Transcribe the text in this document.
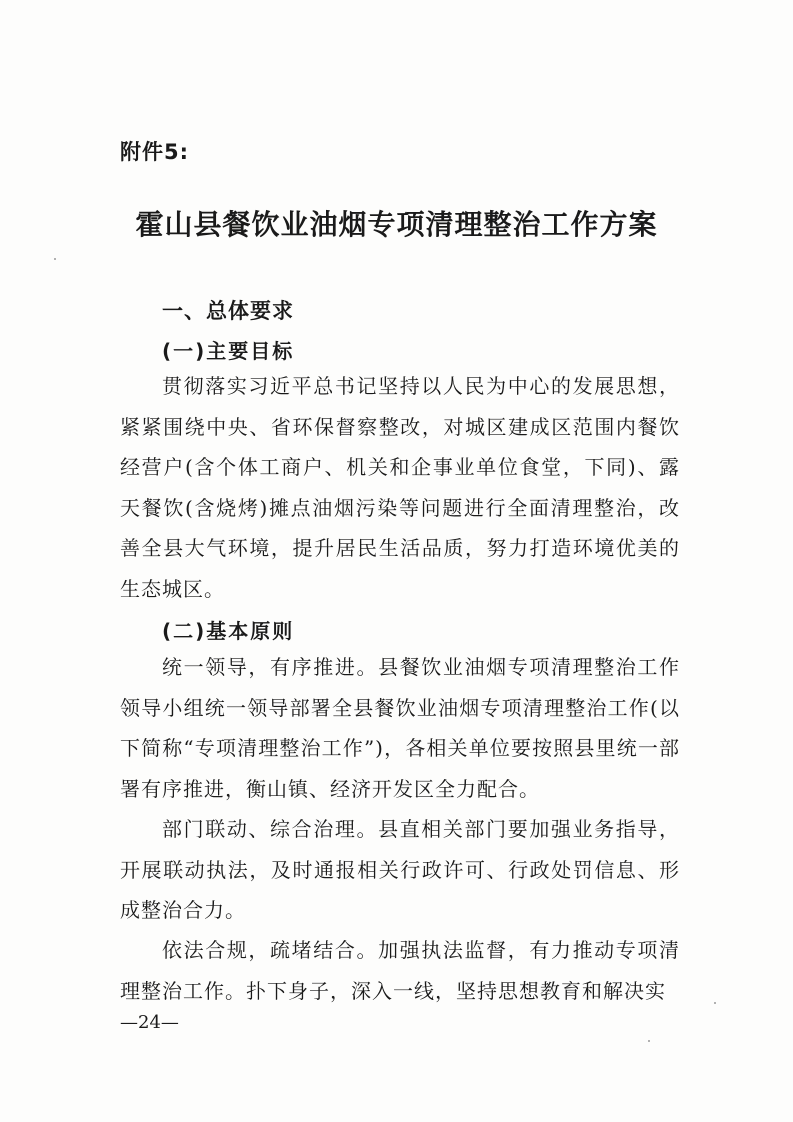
附件5:
霍山县餐饮业油烟专项清理整治工作方案
一、总体要求
(一)主要目标
贯彻落实习近平总书记坚持以人民为中心的发展思想，紧紧围绕中央、省环保督察整改，对城区建成区范围内餐饮经营户(含个体工商户、机关和企事业单位食堂，下同)、露天餐饮(含烧烤)摊点油烟污染等问题进行全面清理整治，改善全县大气环境，提升居民生活品质，努力打造环境优美的生态城区。
(二)基本原则
统一领导，有序推进。县餐饮业油烟专项清理整治工作领导小组统一领导部署全县餐饮业油烟专项清理整治工作(以下简称“专项清理整治工作”)，各相关单位要按照县里统一部署有序推进，衡山镇、经济开发区全力配合。
部门联动、综合治理。县直相关部门要加强业务指导，开展联动执法，及时通报相关行政许可、行政处罚信息、形成整治合力。
依法合规，疏堵结合。加强执法监督，有力推动专项清理整治工作。扑下身子，深入一线，坚持思想教育和解决实
—24—
